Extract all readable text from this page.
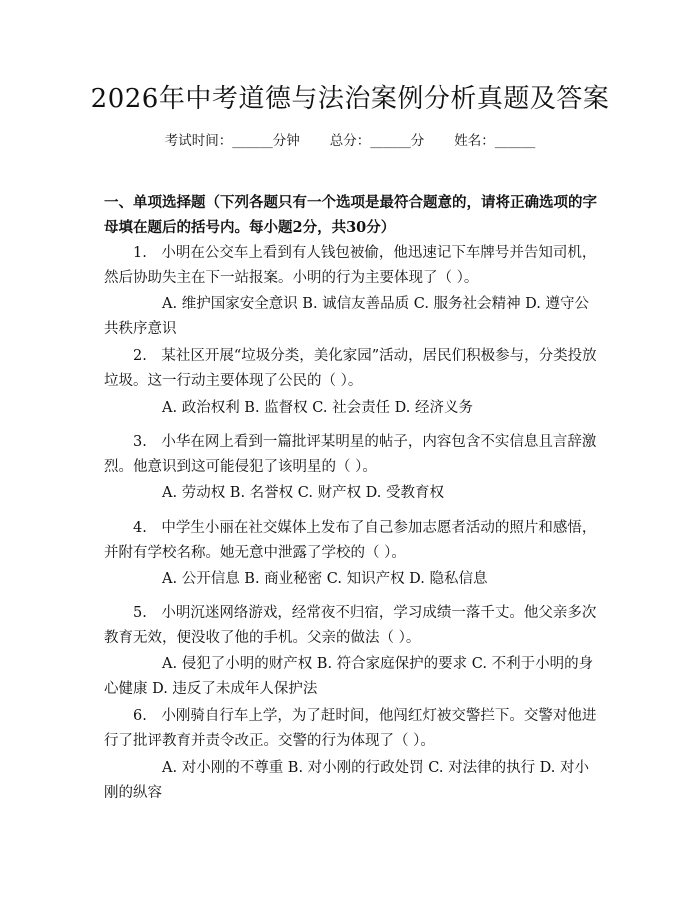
2026年中考道德与法治案例分析真题及答案
考试时间：______分钟 总分：______分 姓名：______
一、单项选择题（下列各题只有一个选项是最符合题意的，请将正确选项的字母填在题后的括号内。每小题2分，共30分）
1.　小明在公交车上看到有人钱包被偷，他迅速记下车牌号并告知司机，然后协助失主在下一站报案。小明的行为主要体现了（ ）。
A. 维护国家安全意识 B. 诚信友善品质 C. 服务社会精神 D. 遵守公共秩序意识
2.　某社区开展“垃圾分类，美化家园”活动，居民们积极参与，分类投放垃圾。这一行动主要体现了公民的（ ）。
A. 政治权利 B. 监督权 C. 社会责任 D. 经济义务
3.　小华在网上看到一篇批评某明星的帖子，内容包含不实信息且言辞激烈。他意识到这可能侵犯了该明星的（ ）。
A. 劳动权 B. 名誉权 C. 财产权 D. 受教育权
4.　中学生小丽在社交媒体上发布了自己参加志愿者活动的照片和感悟，并附有学校名称。她无意中泄露了学校的（ ）。
A. 公开信息 B. 商业秘密 C. 知识产权 D. 隐私信息
5.　小明沉迷网络游戏，经常夜不归宿，学习成绩一落千丈。他父亲多次教育无效，便没收了他的手机。父亲的做法（ ）。
A. 侵犯了小明的财产权 B. 符合家庭保护的要求 C. 不利于小明的身心健康 D. 违反了未成年人保护法
6.　小刚骑自行车上学，为了赶时间，他闯红灯被交警拦下。交警对他进行了批评教育并责令改正。交警的行为体现了（ ）。
A. 对小刚的不尊重 B. 对小刚的行政处罚 C. 对法律的执行 D. 对小刚的纵容
